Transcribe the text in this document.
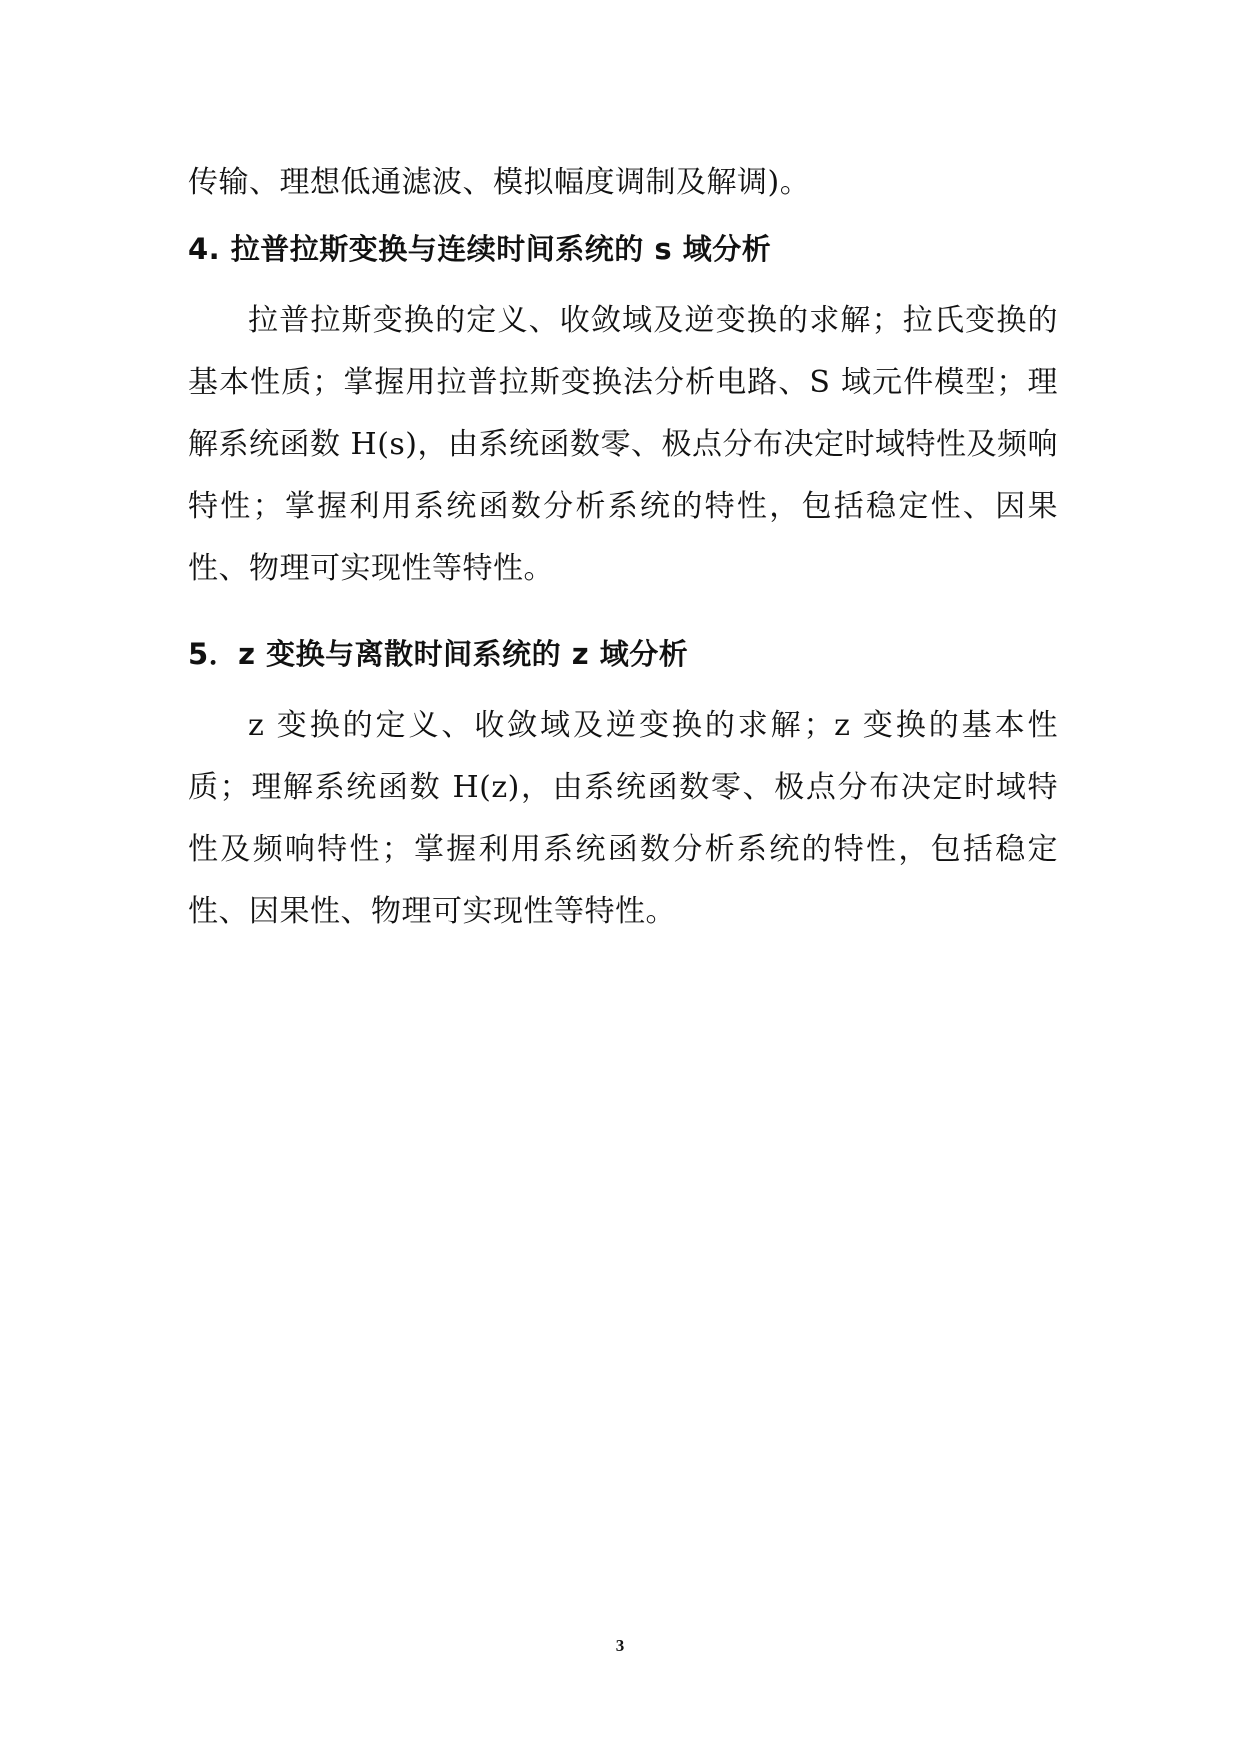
传输、理想低通滤波、模拟幅度调制及解调)。
4. 拉普拉斯变换与连续时间系统的 s 域分析
拉普拉斯变换的定义、收敛域及逆变换的求解；拉氏变换的基本性质；掌握用拉普拉斯变换法分析电路、S 域元件模型；理解系统函数 H(s)，由系统函数零、极点分布决定时域特性及频响特性；掌握利用系统函数分析系统的特性，包括稳定性、因果性、物理可实现性等特性。
5．z 变换与离散时间系统的 z 域分析
z 变换的定义、收敛域及逆变换的求解；z 变换的基本性质；理解系统函数 H(z)，由系统函数零、极点分布决定时域特性及频响特性；掌握利用系统函数分析系统的特性，包括稳定性、因果性、物理可实现性等特性。
3
